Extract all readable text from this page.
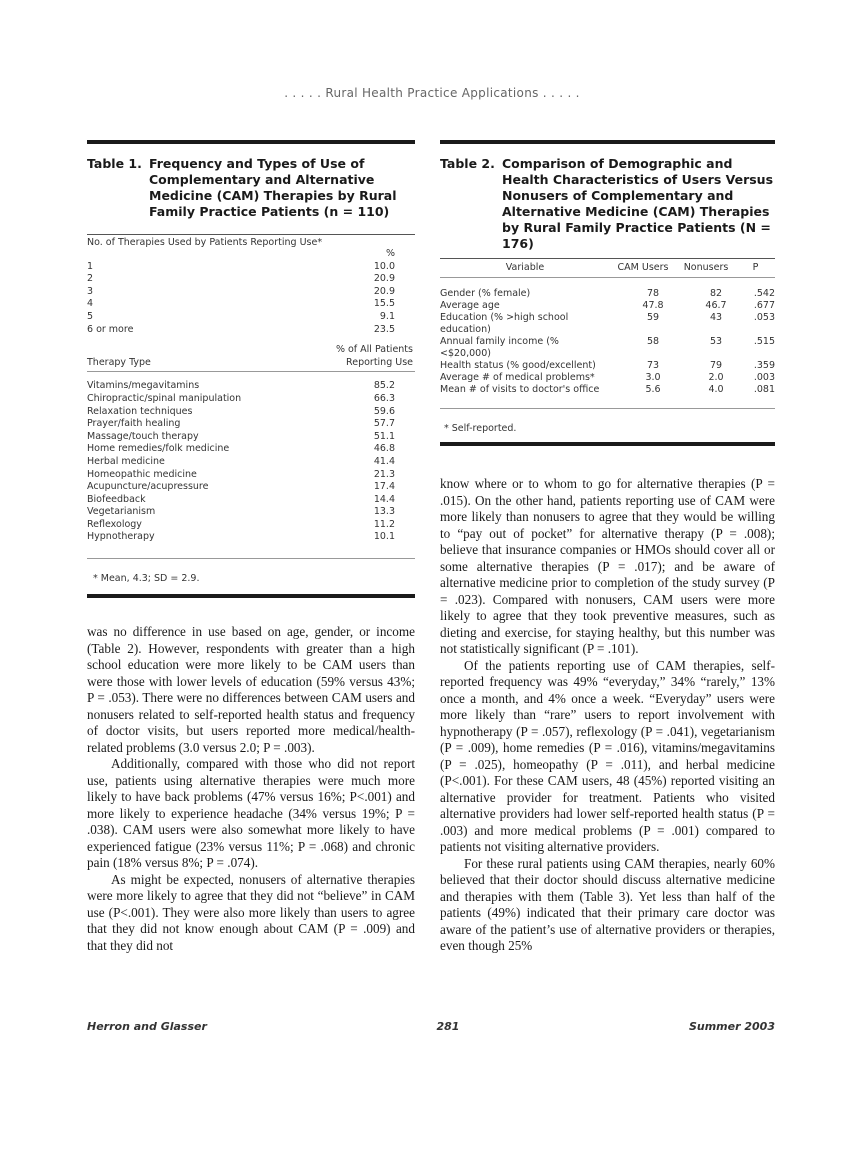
. . . . . Rural Health Practice Applications . . . . .
Table 1. Frequency and Types of Use of Complementary and Alternative Medicine (CAM) Therapies by Rural Family Practice Patients (n = 110)
No. of Therapies Used by Patients Reporting Use*
	%
1	10.0
2	20.9
3	20.9
4	15.5
5	9.1
6 or more	23.5
	% of All Patients
Therapy Type	Reporting Use
Vitamins/megavitamins	85.2
Chiropractic/spinal manipulation	66.3
Relaxation techniques	59.6
Prayer/faith healing	57.7
Massage/touch therapy	51.1
Home remedies/folk medicine	46.8
Herbal medicine	41.4
Homeopathic medicine	21.3
Acupuncture/acupressure	17.4
Biofeedback	14.4
Vegetarianism	13.3
Reflexology	11.2
Hypnotherapy	10.1
* Mean, 4.3; SD = 2.9.

was no difference in use based on age, gender, or income (Table 2). However, respondents with greater than a high school education were more likely to be CAM users than were those with lower levels of education (59% versus 43%; P = .053). There were no differences between CAM users and nonusers related to self-reported health status and frequency of doctor visits, but users reported more medical/health-related problems (3.0 versus 2.0; P = .003).

Additionally, compared with those who did not report use, patients using alternative therapies were much more likely to have back problems (47% versus 16%; P<.001) and more likely to experience headache (34% versus 19%; P = .038). CAM users were also somewhat more likely to have experienced fatigue (23% versus 11%; P = .068) and chronic pain (18% versus 8%; P = .074).

As might be expected, nonusers of alternative therapies were more likely to agree that they did not “believe” in CAM use (P<.001). They were also more likely than users to agree that they did not know enough about CAM (P = .009) and that they did not

Table 2. Comparison of Demographic and Health Characteristics of Users Versus Nonusers of Complementary and Alternative Medicine (CAM) Therapies by Rural Family Practice Patients (N = 176)
Variable	CAM Users	Nonusers	P
Gender (% female)	78	82	.542
Average age	47.8	46.7	.677
Education (% >high school education)	59	43	.053
Annual family income (% <$20,000)	58	53	.515
Health status (% good/excellent)	73	79	.359
Average # of medical problems*	3.0	2.0	.003
Mean # of visits to doctor's office	5.6	4.0	.081
* Self-reported.

know where or to whom to go for alternative therapies (P = .015). On the other hand, patients reporting use of CAM were more likely than nonusers to agree that they would be willing to “pay out of pocket” for alternative therapy (P = .008); believe that insurance companies or HMOs should cover all or some alternative therapies (P = .017); and be aware of alternative medicine prior to completion of the study survey (P = .023). Compared with nonusers, CAM users were more likely to agree that they took preventive measures, such as dieting and exercise, for staying healthy, but this number was not statistically significant (P = .101).

Of the patients reporting use of CAM therapies, self-reported frequency was 49% “everyday,” 34% “rarely,” 13% once a month, and 4% once a week. “Everyday” users were more likely than “rare” users to report involvement with hypnotherapy (P = .057), reflexology (P = .041), vegetarianism (P = .009), home remedies (P = .016), vitamins/megavitamins (P = .025), homeopathy (P = .011), and herbal medicine (P<.001). For these CAM users, 48 (45%) reported visiting an alternative provider for treatment. Patients who visited alternative providers had lower self-reported health status (P = .003) and more medical problems (P = .001) compared to patients not visiting alternative providers.

For these rural patients using CAM therapies, nearly 60% believed that their doctor should discuss alternative medicine and therapies with them (Table 3). Yet less than half of the patients (49%) indicated that their primary care doctor was aware of the patient’s use of alternative providers or therapies, even though 25%

Herron and Glasser	281	Summer 2003
